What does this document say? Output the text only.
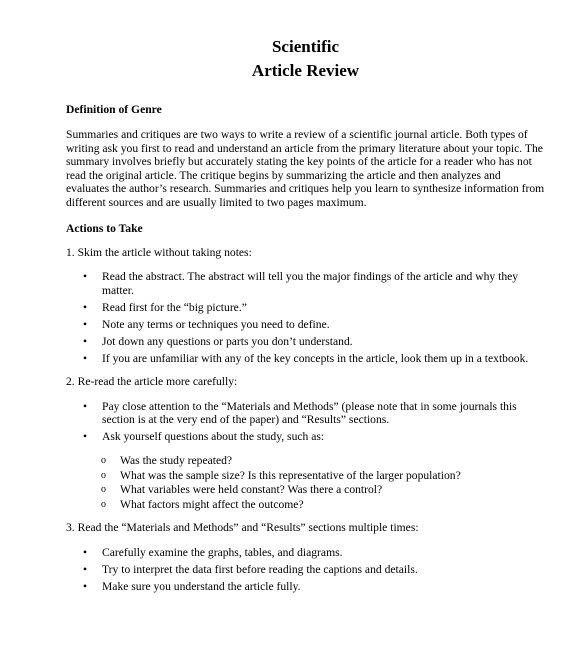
Scientific
Article Review
Definition of Genre

Summaries and critiques are two ways to write a review of a scientific journal article. Both types of writing ask you first to read and understand an article from the primary literature about your topic. The summary involves briefly but accurately stating the key points of the article for a reader who has not read the original article. The critique begins by summarizing the article and then analyzes and evaluates the author’s research. Summaries and critiques help you learn to synthesize information from different sources and are usually limited to two pages maximum.

Actions to Take

1. Skim the article without taking notes:

• Read the abstract. The abstract will tell you the major findings of the article and why they matter.
• Read first for the “big picture.”
• Note any terms or techniques you need to define.
• Jot down any questions or parts you don’t understand.
• If you are unfamiliar with any of the key concepts in the article, look them up in a textbook.

2. Re-read the article more carefully:

• Pay close attention to the “Materials and Methods” (please note that in some journals this section is at the very end of the paper) and “Results” sections.
• Ask yourself questions about the study, such as:
o Was the study repeated?
o What was the sample size? Is this representative of the larger population?
o What variables were held constant? Was there a control?
o What factors might affect the outcome?

3. Read the “Materials and Methods” and “Results” sections multiple times:

• Carefully examine the graphs, tables, and diagrams.
• Try to interpret the data first before reading the captions and details.
• Make sure you understand the article fully.
